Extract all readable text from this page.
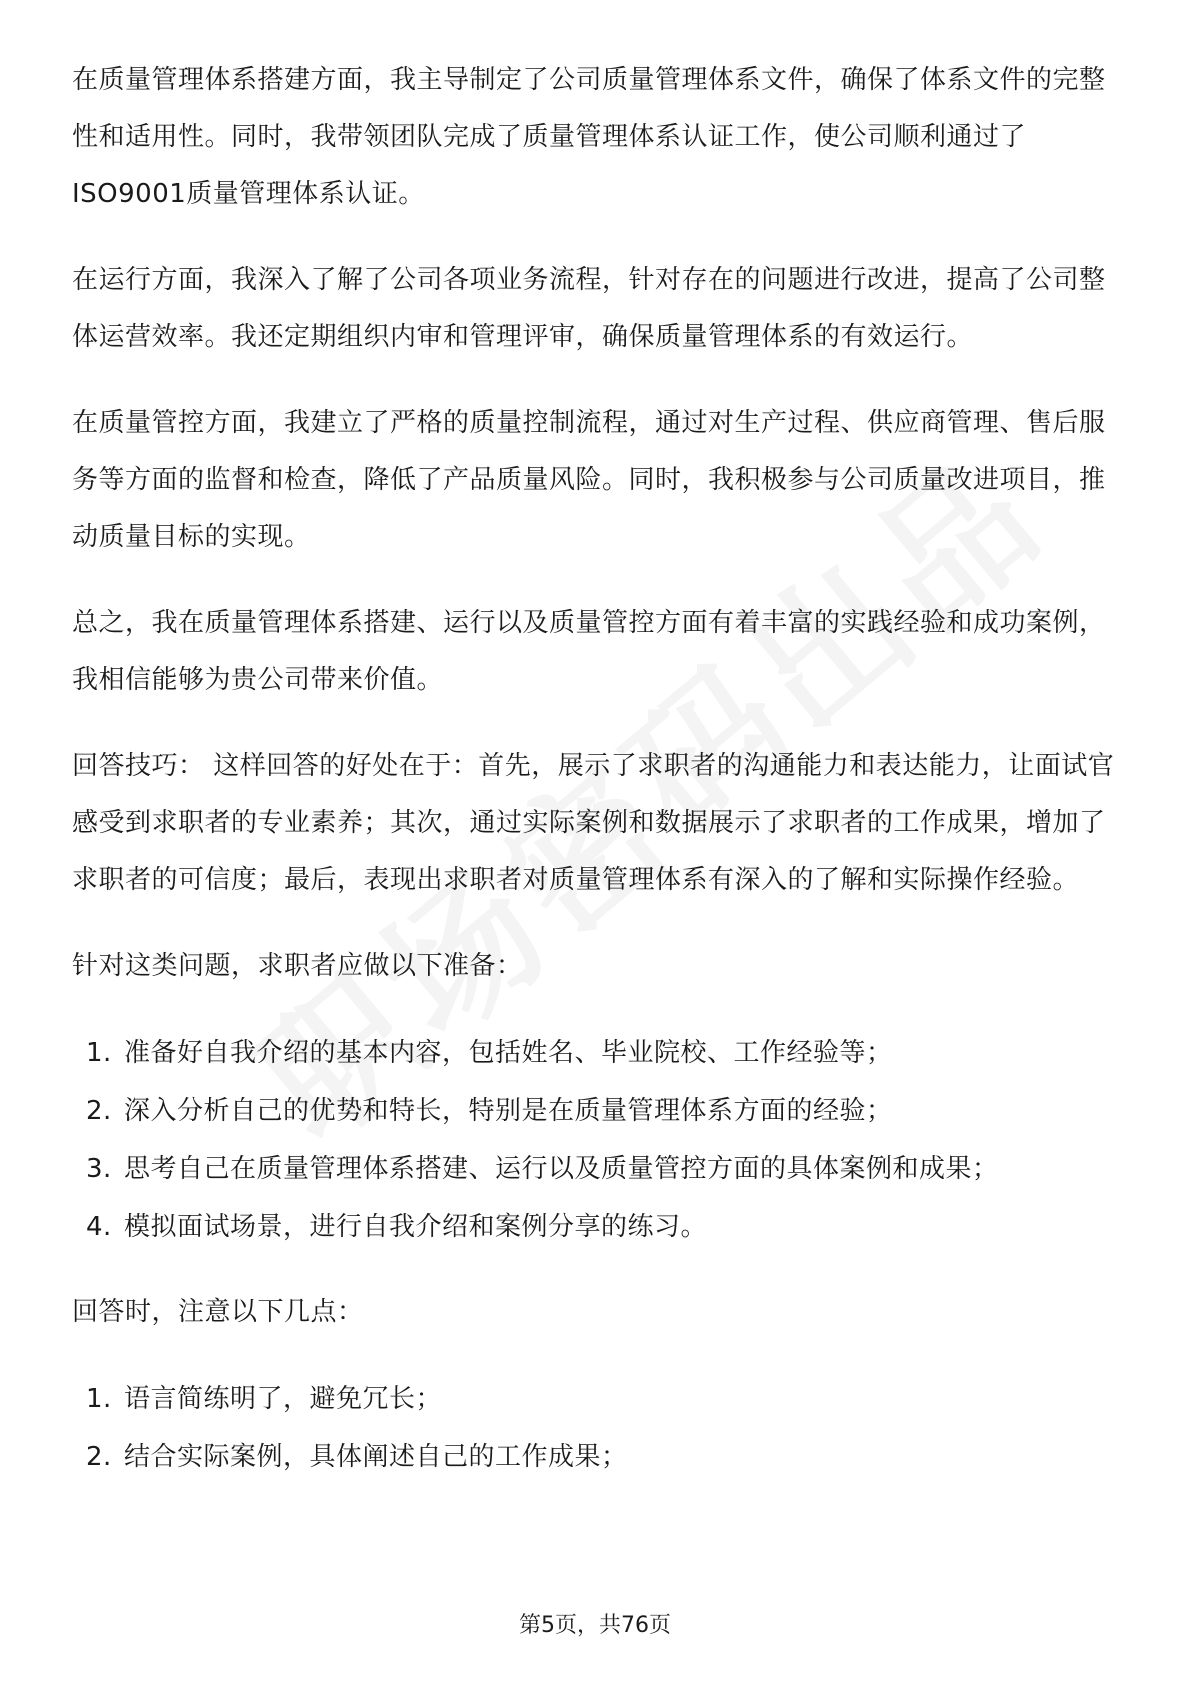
在质量管理体系搭建方面，我主导制定了公司质量管理体系文件，确保了体系文件的完整性和适用性。同时，我带领团队完成了质量管理体系认证工作，使公司顺利通过了ISO9001质量管理体系认证。

在运行方面，我深入了解了公司各项业务流程，针对存在的问题进行改进，提高了公司整体运营效率。我还定期组织内审和管理评审，确保质量管理体系的有效运行。

在质量管控方面，我建立了严格的质量控制流程，通过对生产过程、供应商管理、售后服务等方面的监督和检查，降低了产品质量风险。同时，我积极参与公司质量改进项目，推动质量目标的实现。

总之，我在质量管理体系搭建、运行以及质量管控方面有着丰富的实践经验和成功案例，我相信能够为贵公司带来价值。

回答技巧： 这样回答的好处在于：首先，展示了求职者的沟通能力和表达能力，让面试官感受到求职者的专业素养；其次，通过实际案例和数据展示了求职者的工作成果，增加了求职者的可信度；最后，表现出求职者对质量管理体系有深入的了解和实际操作经验。

针对这类问题，求职者应做以下准备：

1. 准备好自我介绍的基本内容，包括姓名、毕业院校、工作经验等；
2. 深入分析自己的优势和特长，特别是在质量管理体系方面的经验；
3. 思考自己在质量管理体系搭建、运行以及质量管控方面的具体案例和成果；
4. 模拟面试场景，进行自我介绍和案例分享的练习。

回答时，注意以下几点：

1. 语言简练明了，避免冗长；
2. 结合实际案例，具体阐述自己的工作成果；
第5页，共76页
